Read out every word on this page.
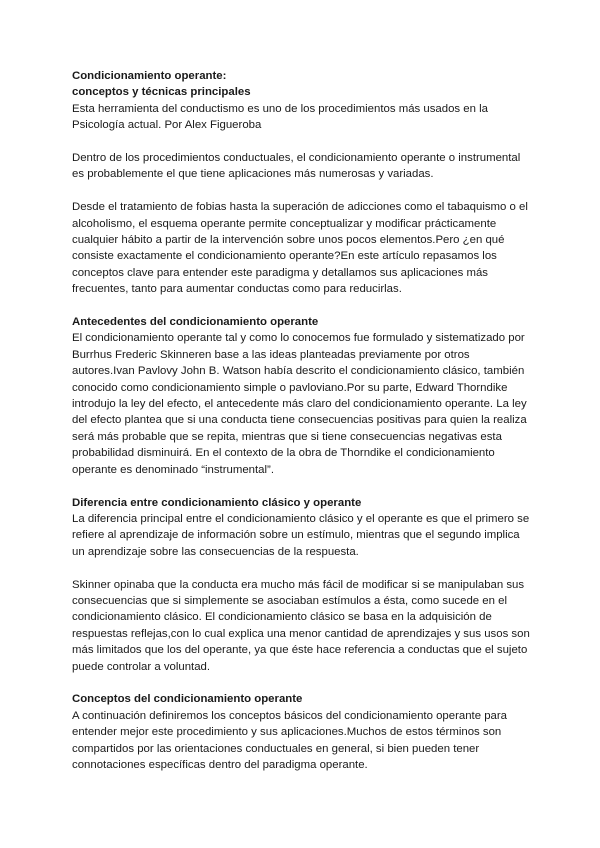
Condicionamiento operante:
conceptos y técnicas principales

Esta herramienta del conductismo es uno de los procedimientos más usados en la Psicología actual. Por Alex Figueroba

Dentro de los procedimientos conductuales, el condicionamiento operante o instrumental es probablemente el que tiene aplicaciones más numerosas y variadas.

Desde el tratamiento de fobias hasta la superación de adicciones como el tabaquismo o el alcoholismo, el esquema operante permite conceptualizar y modificar prácticamente cualquier hábito a partir de la intervención sobre unos pocos elementos.Pero ¿en qué consiste exactamente el condicionamiento operante?En este artículo repasamos los conceptos clave para entender este paradigma y detallamos sus aplicaciones más frecuentes, tanto para aumentar conductas como para reducirlas.

Antecedentes del condicionamiento operante

El condicionamiento operante tal y como lo conocemos fue formulado y sistematizado por Burrhus Frederic Skinneren base a las ideas planteadas previamente por otros autores.Ivan Pavlovy John B. Watson había descrito el condicionamiento clásico, también conocido como condicionamiento simple o pavloviano.Por su parte, Edward Thorndike introdujo la ley del efecto, el antecedente más claro del condicionamiento operante. La ley del efecto plantea que si una conducta tiene consecuencias positivas para quien la realiza será más probable que se repita, mientras que si tiene consecuencias negativas esta probabilidad disminuirá. En el contexto de la obra de Thorndike el condicionamiento operante es denominado “instrumental”.

Diferencia entre condicionamiento clásico y operante

La diferencia principal entre el condicionamiento clásico y el operante es que el primero se refiere al aprendizaje de información sobre un estímulo, mientras que el segundo implica un aprendizaje sobre las consecuencias de la respuesta.

Skinner opinaba que la conducta era mucho más fácil de modificar si se manipulaban sus consecuencias que si simplemente se asociaban estímulos a ésta, como sucede en el condicionamiento clásico. El condicionamiento clásico se basa en la adquisición de respuestas reflejas,con lo cual explica una menor cantidad de aprendizajes y sus usos son más limitados que los del operante, ya que éste hace referencia a conductas que el sujeto puede controlar a voluntad.

Conceptos del condicionamiento operante

A continuación definiremos los conceptos básicos del condicionamiento operante para entender mejor este procedimiento y sus aplicaciones.Muchos de estos términos son compartidos por las orientaciones conductuales en general, si bien pueden tener connotaciones específicas dentro del paradigma operante.
